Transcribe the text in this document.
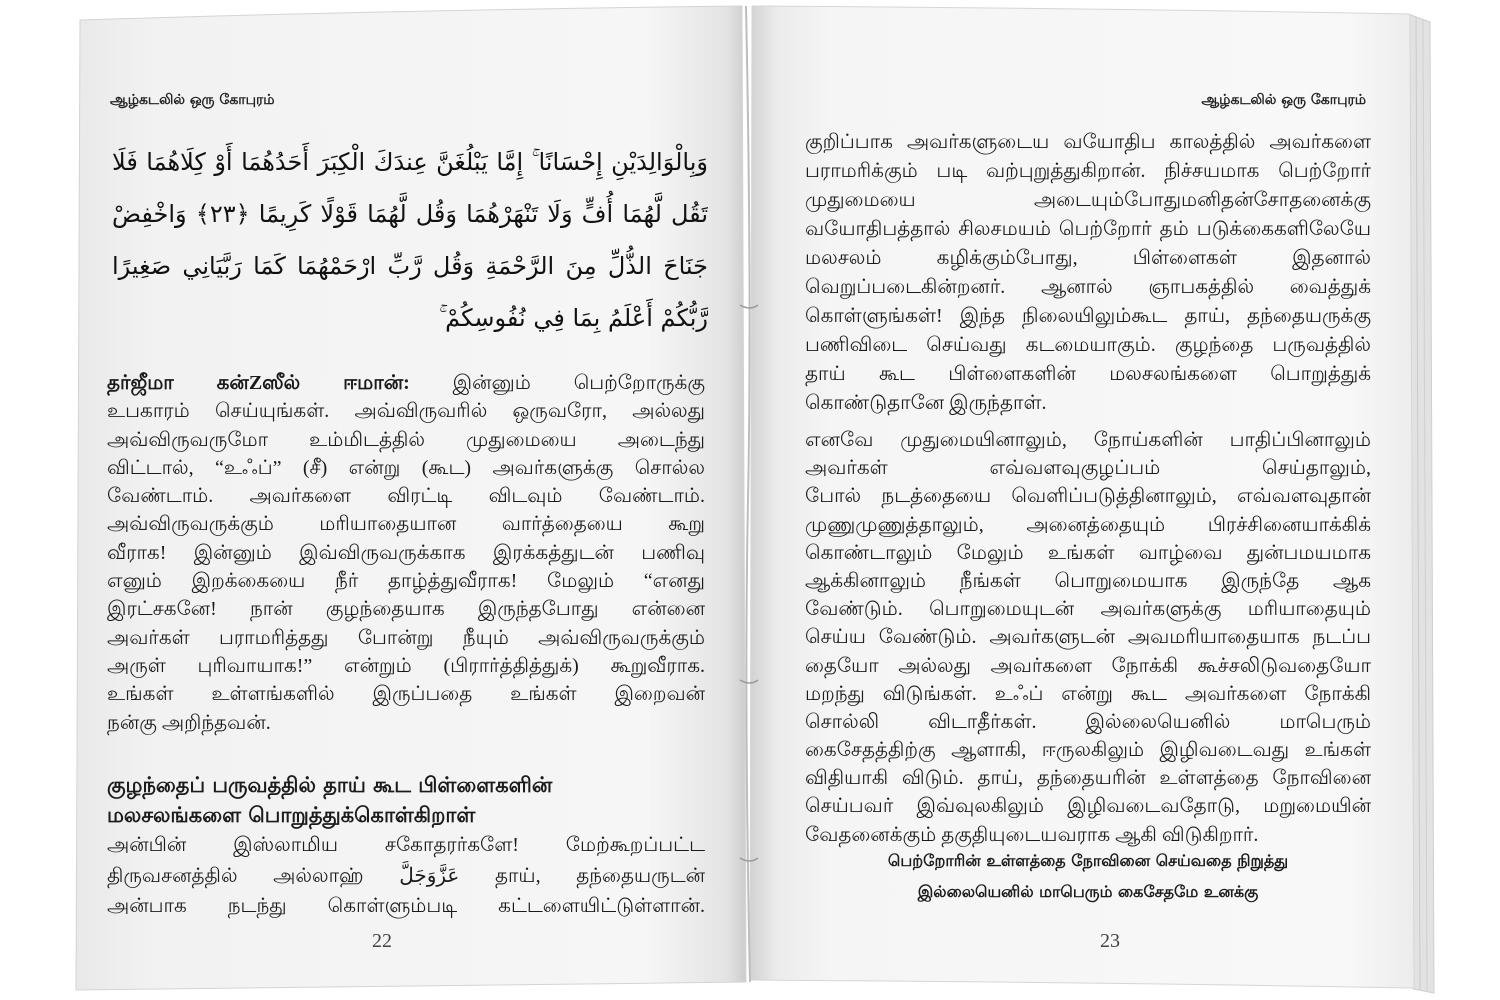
ஆழ்கடலில் ஒரு கோபுரம்
وَبِالْوَالِدَيْنِ إِحْسَانًا ۚ إِمَّا يَبْلُغَنَّ عِندَكَ الْكِبَرَ أَحَدُهُمَا أَوْ كِلَاهُمَا فَلَا
تَقُل لَّهُمَا أُفٍّ وَلَا تَنْهَرْهُمَا وَقُل لَّهُمَا قَوْلًا كَرِيمًا ﴿٢٣﴾ وَاخْفِضْ
جَنَاحَ الذُّلِّ مِنَ الرَّحْمَةِ وَقُل رَّبِّ ارْحَمْهُمَا كَمَا رَبَّيَانِي صَغِيرًا
رَّبُّكُمْ أَعْلَمُ بِمَا فِي نُفُوسِكُمْ ۚ
தர்ஜீமா கன்Zஸீல் ஈமான்: இன்னும் பெற்றோருக்கு
உபகாரம் செய்யுங்கள். அவ்விருவரில் ஒருவரோ, அல்லது
அவ்விருவருமோ உம்மிடத்தில் முதுமையை அடைந்து
விட்டால், “உஃப்” (சீ) என்று (கூட) அவர்களுக்கு சொல்ல
வேண்டாம். அவர்களை விரட்டி விடவும் வேண்டாம்.
அவ்விருவருக்கும் மரியாதையான வார்த்தையை கூறு
வீராக! இன்னும் இவ்விருவருக்காக இரக்கத்துடன் பணிவு
எனும் இறக்கையை நீர் தாழ்த்துவீராக! மேலும் “எனது
இரட்சகனே! நான் குழந்தையாக இருந்தபோது என்னை
அவர்கள் பராமரித்தது போன்று நீயும் அவ்விருவருக்கும்
அருள் புரிவாயாக!” என்றும் (பிரார்த்தித்துக்) கூறுவீராக.
உங்கள் உள்ளங்களில் இருப்பதை உங்கள் இறைவன்
நன்கு அறிந்தவன்.
குழந்தைப் பருவத்தில் தாய் கூட பிள்ளைகளின்
மலசலங்களை பொறுத்துக்கொள்கிறாள்
அன்பின் இஸ்லாமிய சகோதரர்களே! மேற்கூறப்பட்ட
திருவசனத்தில் அல்லாஹ் عَزَّوَجَلَّ தாய், தந்தையருடன்
அன்பாக நடந்து கொள்ளும்படி கட்டளையிட்டுள்ளான்.
22
ஆழ்கடலில் ஒரு கோபுரம்
குறிப்பாக அவர்களுடைய வயோதிப காலத்தில் அவர்களை
பராமரிக்கும் படி வற்புறுத்துகிறான். நிச்சயமாக பெற்றோர்
முதுமையை அடையும்போதுமனிதன்சோதனைக்கு
வயோதிபத்தால் சிலசமயம் பெற்றோர் தம் படுக்கைகளிலேயே
மலசலம் கழிக்கும்போது, பிள்ளைகள் இதனால்
வெறுப்படைகின்றனர். ஆனால் ஞாபகத்தில் வைத்துக்
கொள்ளுங்கள்! இந்த நிலையிலும்கூட தாய், தந்தையருக்கு
பணிவிடை செய்வது கடமையாகும். குழந்தை பருவத்தில்
தாய் கூட பிள்ளைகளின் மலசலங்களை பொறுத்துக்
கொண்டுதானே இருந்தாள்.
எனவே முதுமையினாலும், நோய்களின் பாதிப்பினாலும்
அவர்கள் எவ்வளவுகுழப்பம் செய்தாலும்,
போல் நடத்தையை வெளிப்படுத்தினாலும், எவ்வளவுதான்
முணுமுணுத்தாலும், அனைத்தையும் பிரச்சினையாக்கிக்
கொண்டாலும் மேலும் உங்கள் வாழ்வை துன்பமயமாக
ஆக்கினாலும் நீங்கள் பொறுமையாக இருந்தே ஆக
வேண்டும். பொறுமையுடன் அவர்களுக்கு மரியாதையும்
செய்ய வேண்டும். அவர்களுடன் அவமரியாதையாக நடப்ப
தையோ அல்லது அவர்களை நோக்கி கூச்சலிடுவதையோ
மறந்து விடுங்கள். உஃப் என்று கூட அவர்களை நோக்கி
சொல்லி விடாதீர்கள். இல்லையெனில் மாபெரும்
கைசேதத்திற்கு ஆளாகி, ஈருலகிலும் இழிவடைவது உங்கள்
விதியாகி விடும். தாய், தந்தையரின் உள்ளத்தை நோவினை
செய்பவர் இவ்வுலகிலும் இழிவடைவதோடு, மறுமையின்
வேதனைக்கும் தகுதியுடையவராக ஆகி விடுகிறார்.
பெற்றோரின் உள்ளத்தை நோவினை செய்வதை நிறுத்து
இல்லையெனில் மாபெரும் கைசேதமே உனக்கு
23
